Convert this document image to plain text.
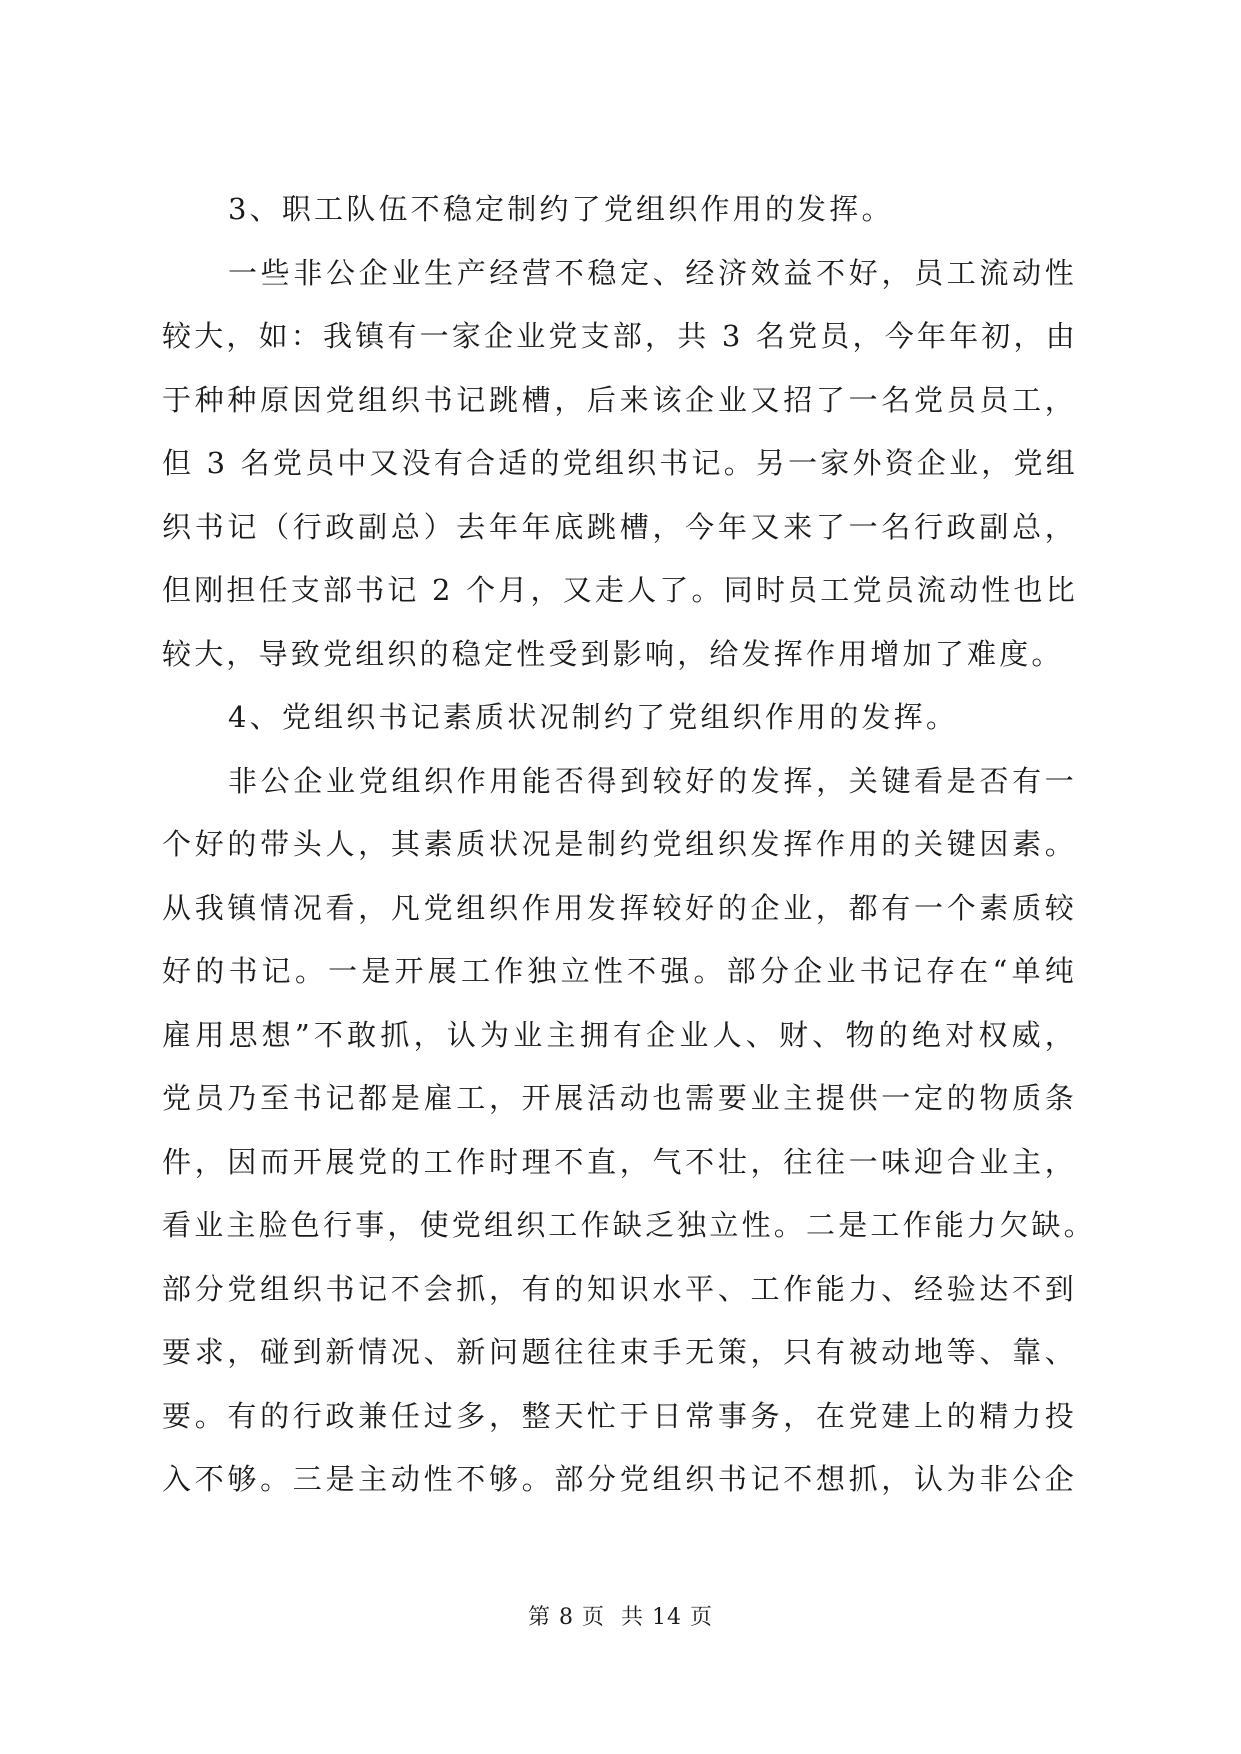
3、职工队伍不稳定制约了党组织作用的发挥。

一些非公企业生产经营不稳定、经济效益不好，员工流动性
较大，如：我镇有一家企业党支部，共 3 名党员，今年年初，由
于种种原因党组织书记跳槽，后来该企业又招了一名党员员工，
但 3 名党员中又没有合适的党组织书记。另一家外资企业，党组
织书记（行政副总）去年年底跳槽，今年又来了一名行政副总，
但刚担任支部书记 2 个月，又走人了。同时员工党员流动性也比
较大，导致党组织的稳定性受到影响，给发挥作用增加了难度。

4、党组织书记素质状况制约了党组织作用的发挥。

非公企业党组织作用能否得到较好的发挥，关键看是否有一
个好的带头人，其素质状况是制约党组织发挥作用的关键因素。
从我镇情况看，凡党组织作用发挥较好的企业，都有一个素质较
好的书记。一是开展工作独立性不强。部分企业书记存在“单纯
雇用思想”不敢抓，认为业主拥有企业人、财、物的绝对权威，
党员乃至书记都是雇工，开展活动也需要业主提供一定的物质条
件，因而开展党的工作时理不直，气不壮，往往一味迎合业主，
看业主脸色行事，使党组织工作缺乏独立性。二是工作能力欠缺。
部分党组织书记不会抓，有的知识水平、工作能力、经验达不到
要求，碰到新情况、新问题往往束手无策，只有被动地等、靠、
要。有的行政兼任过多，整天忙于日常事务，在党建上的精力投
入不够。三是主动性不够。部分党组织书记不想抓，认为非公企

第 8 页  共 14 页
